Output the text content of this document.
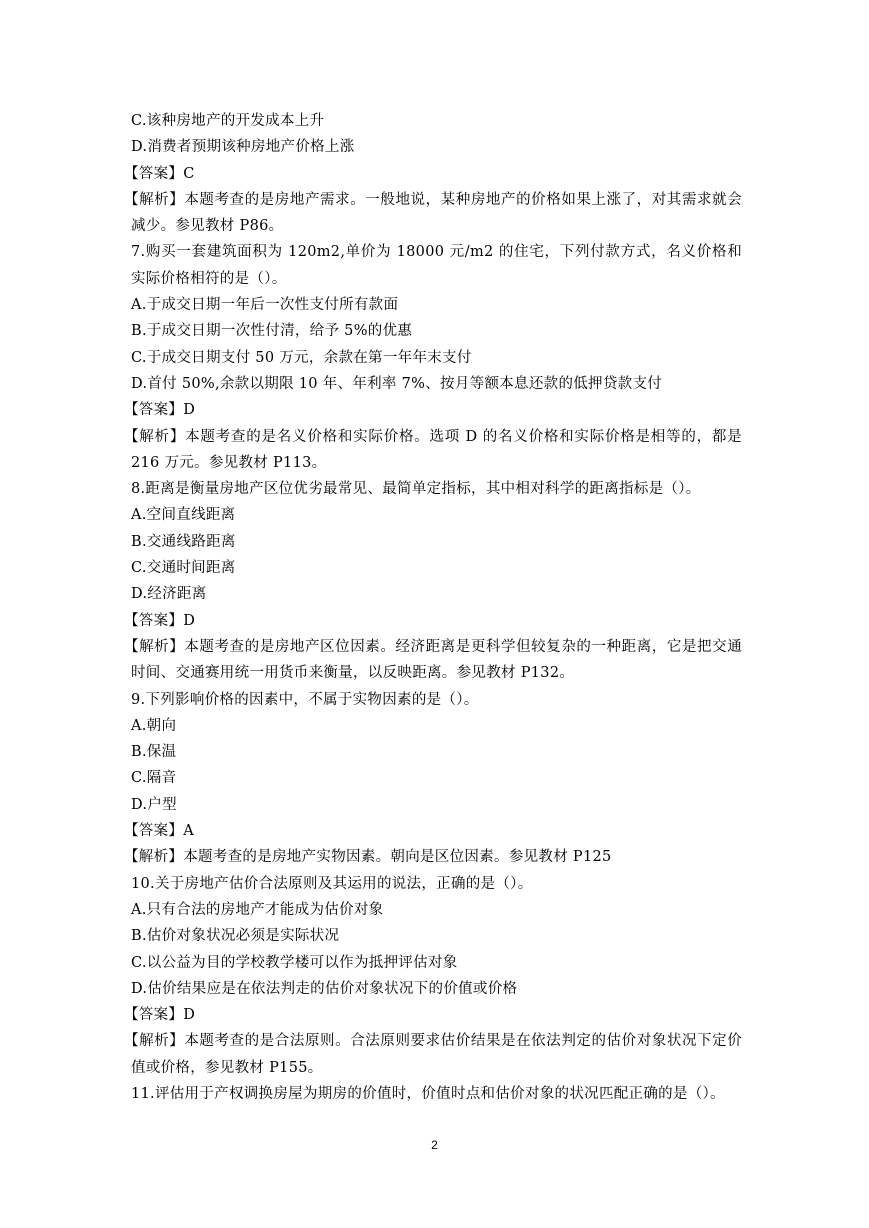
C.该种房地产的开发成本上升
D.消费者预期该种房地产价格上涨
【答案】C
【解析】本题考查的是房地产需求。一般地说，某种房地产的价格如果上涨了，对其需求就会减少。参见教材 P86。
7.购买一套建筑面积为 120m2,单价为 18000 元/m2 的住宅，下列付款方式，名义价格和实际价格相符的是（）。
A.于成交日期一年后一次性支付所有款面
B.于成交日期一次性付清，给予 5%的优惠
C.于成交日期支付 50 万元，余款在第一年年末支付
D.首付 50%,余款以期限 10 年、年利率 7%、按月等额本息还款的低押贷款支付
【答案】D
【解析】本题考查的是名义价格和实际价格。选项 D 的名义价格和实际价格是相等的，都是 216 万元。参见教材 P113。
8.距离是衡量房地产区位优劣最常见、最简单定指标，其中相对科学的距离指标是（）。
A.空间直线距离
B.交通线路距离
C.交通时间距离
D.经济距离
【答案】D
【解析】本题考查的是房地产区位因素。经济距离是更科学但较复杂的一种距离，它是把交通时间、交通赛用统一用货币来衡量，以反映距离。参见教材 P132。
9.下列影响价格的因素中，不属于实物因素的是（）。
A.朝向
B.保温
C.隔音
D.户型
【答案】A
【解析】本题考查的是房地产实物因素。朝向是区位因素。参见教材 P125
10.关于房地产估价合法原则及其运用的说法，正确的是（）。
A.只有合法的房地产才能成为估价对象
B.估价对象状况必须是实际状况
C.以公益为目的学校教学楼可以作为抵押评估对象
D.估价结果应是在依法判走的估价对象状况下的价值或价格
【答案】D
【解析】本题考查的是合法原则。合法原则要求估价结果是在依法判定的估价对象状况下定价值或价格，参见教材 P155。
11.评估用于产权调换房屋为期房的价值时，价值时点和估价对象的状况匹配正确的是（）。
2
